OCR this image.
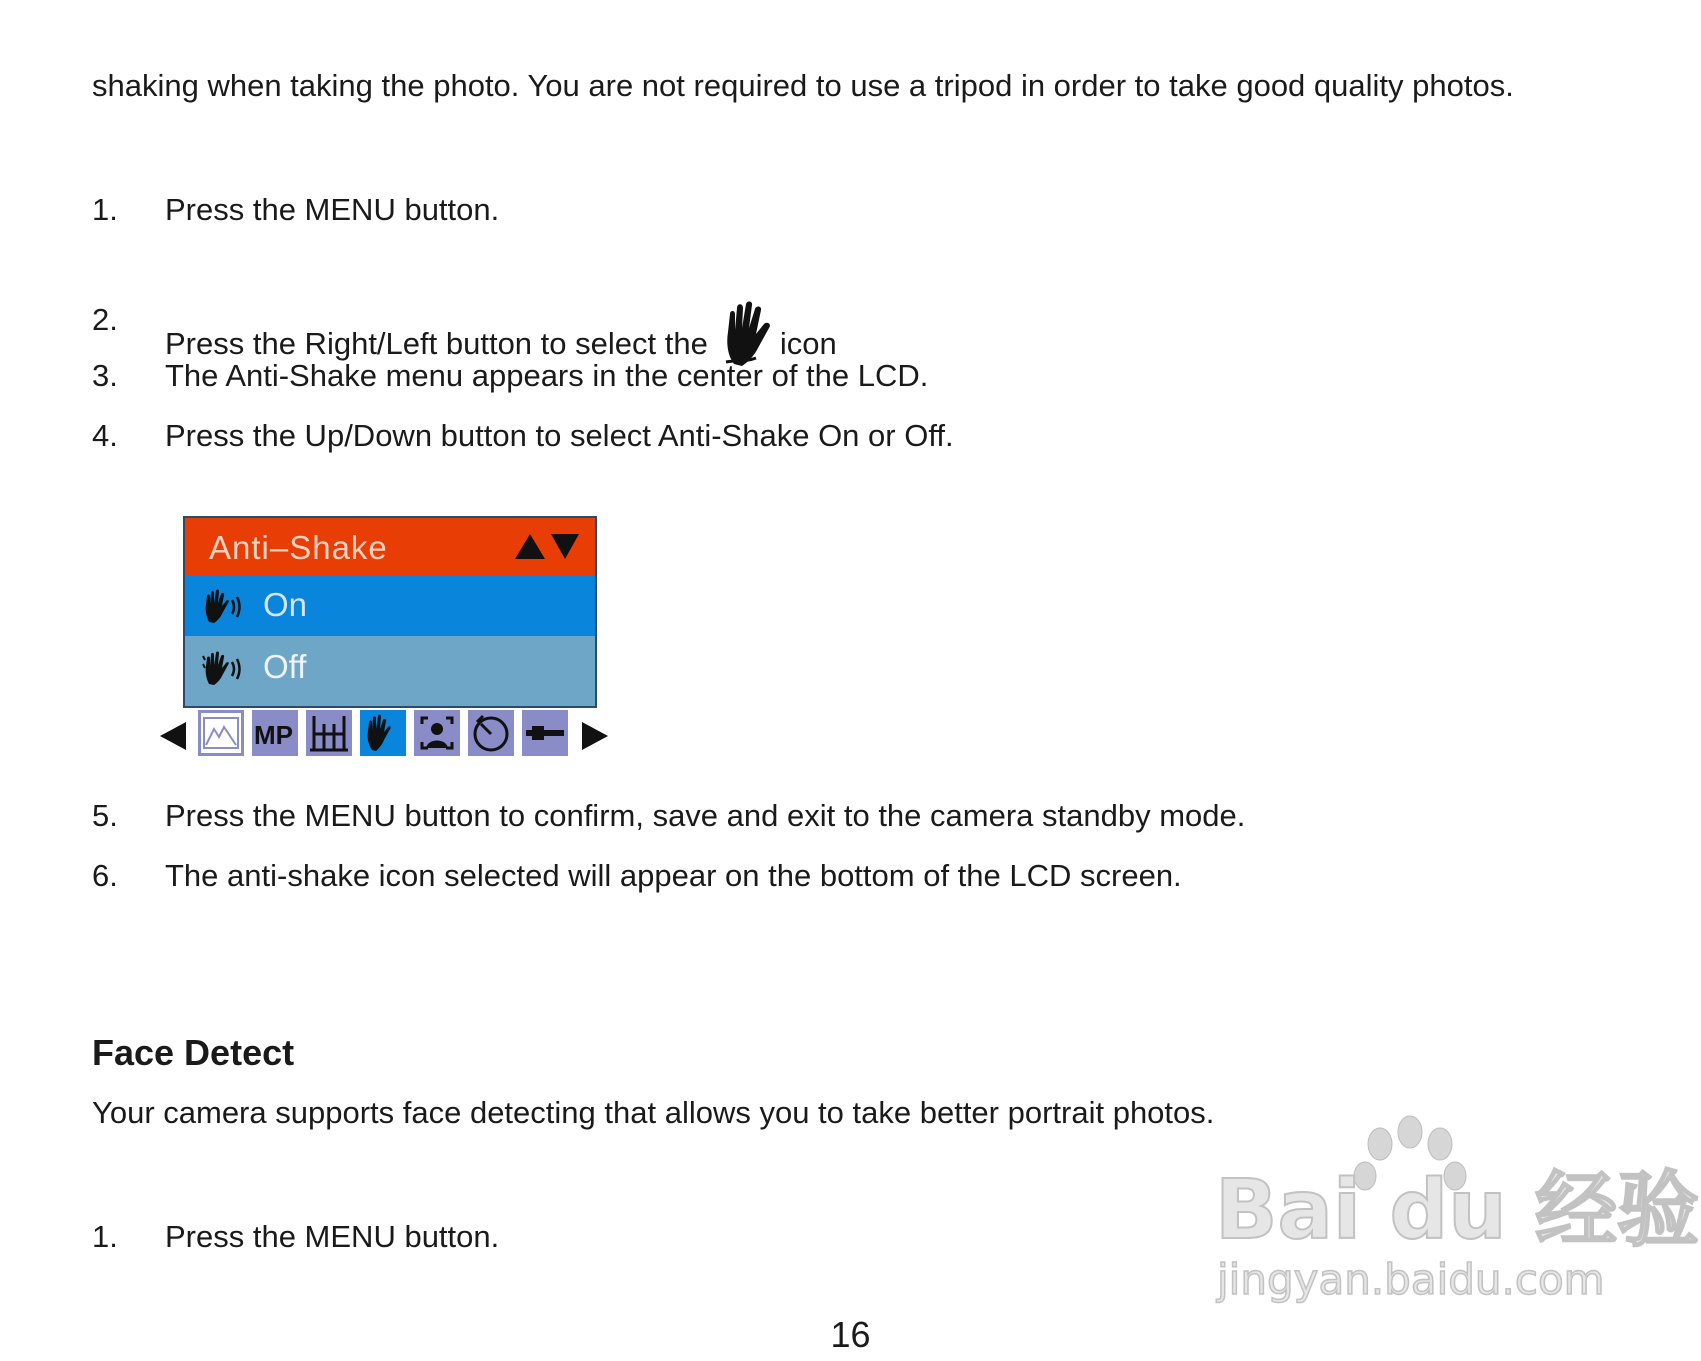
shaking when taking the photo. You are not required to use a tripod in order to take good quality photos.

1. Press the MENU button.
2.
Press the Right/Left button to select the icon
3. The Anti-Shake menu appears in the center of the LCD.
4. Press the Up/Down button to select Anti-Shake On or Off.
Anti–Shake
On
Off
MP
5. Press the MENU button to confirm, save and exit to the camera standby mode.
6. The anti-shake icon selected will appear on the bottom of the LCD screen.
Face Detect

Your camera supports face detecting that allows you to take better portrait photos.

1. Press the MENU button.
16
Bai du 经验
jingyan.baidu.com
